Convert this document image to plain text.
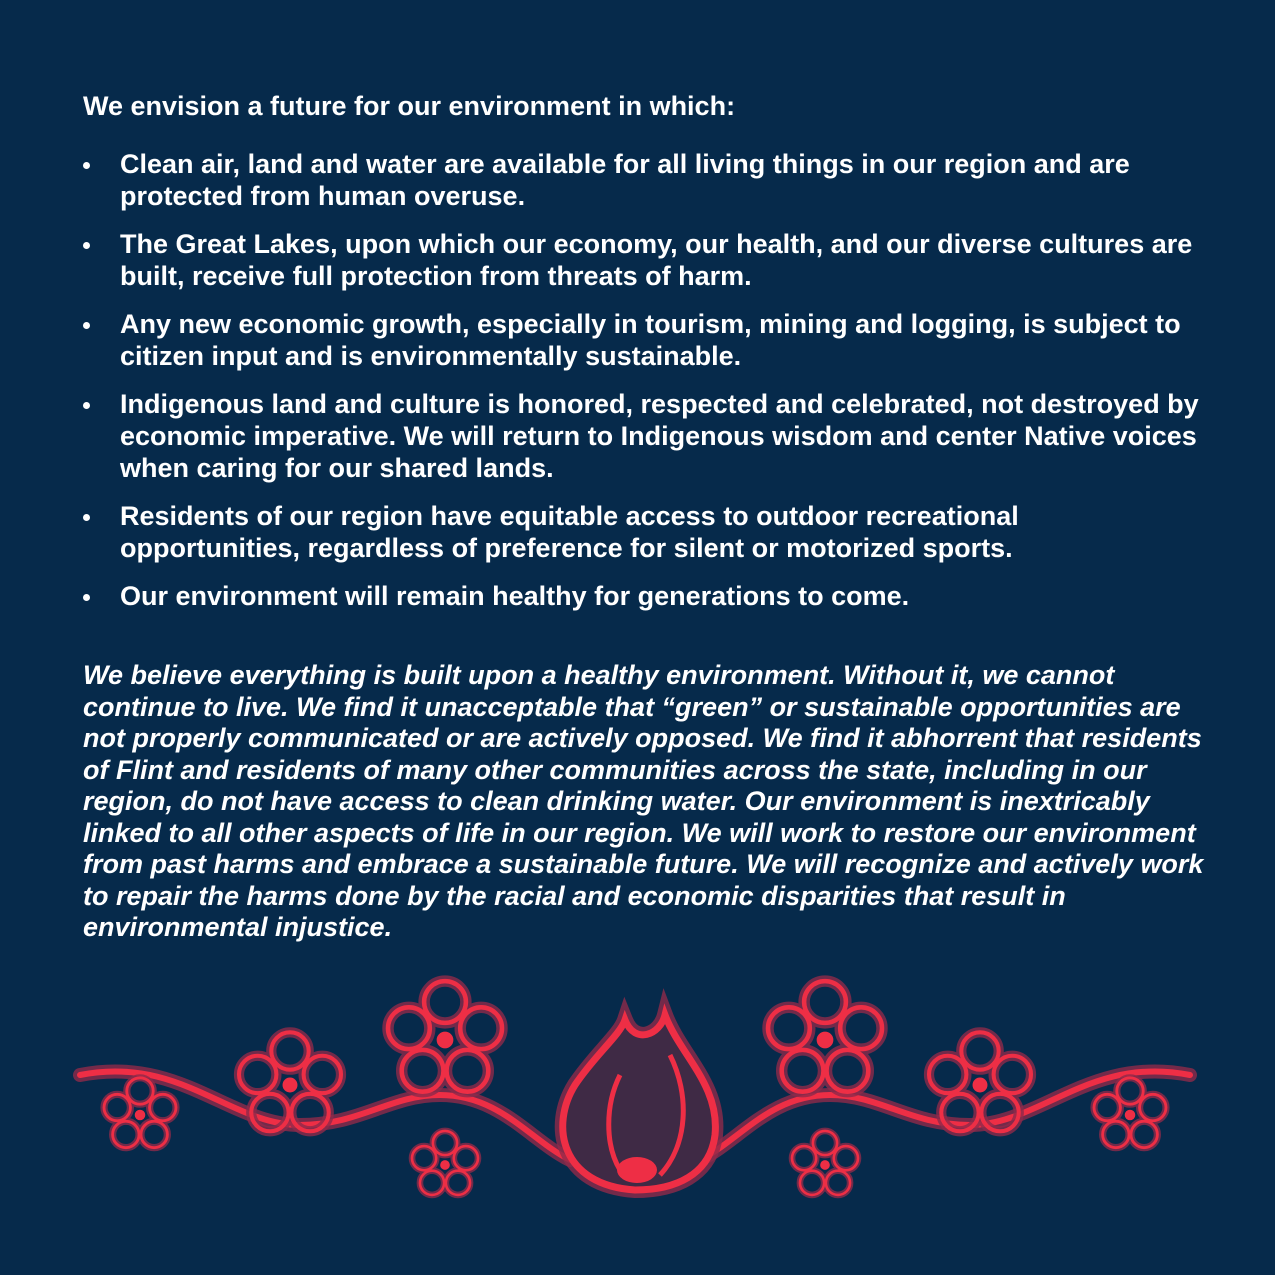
We envision a future for our environment in which:

Clean air, land and water are available for all living things in our region and are protected from human overuse.
The Great Lakes, upon which our economy, our health, and our diverse cultures are built, receive full protection from threats of harm.
Any new economic growth, especially in tourism, mining and logging, is subject to citizen input and is environmentally sustainable.
Indigenous land and culture is honored, respected and celebrated, not destroyed by economic imperative. We will return to Indigenous wisdom and center Native voices when caring for our shared lands.
Residents of our region have equitable access to outdoor recreational opportunities, regardless of preference for silent or motorized sports.
Our environment will remain healthy for generations to come.

We believe everything is built upon a healthy environment. Without it, we cannot continue to live. We find it unacceptable that “green” or sustainable opportunities are not properly communicated or are actively opposed. We find it abhorrent that residents of Flint and residents of many other communities across the state, including in our region, do not have access to clean drinking water. Our environment is inextricably linked to all other aspects of life in our region. We will work to restore our environment from past harms and embrace a sustainable future. We will recognize and actively work to repair the harms done by the racial and economic disparities that result in environmental injustice.
